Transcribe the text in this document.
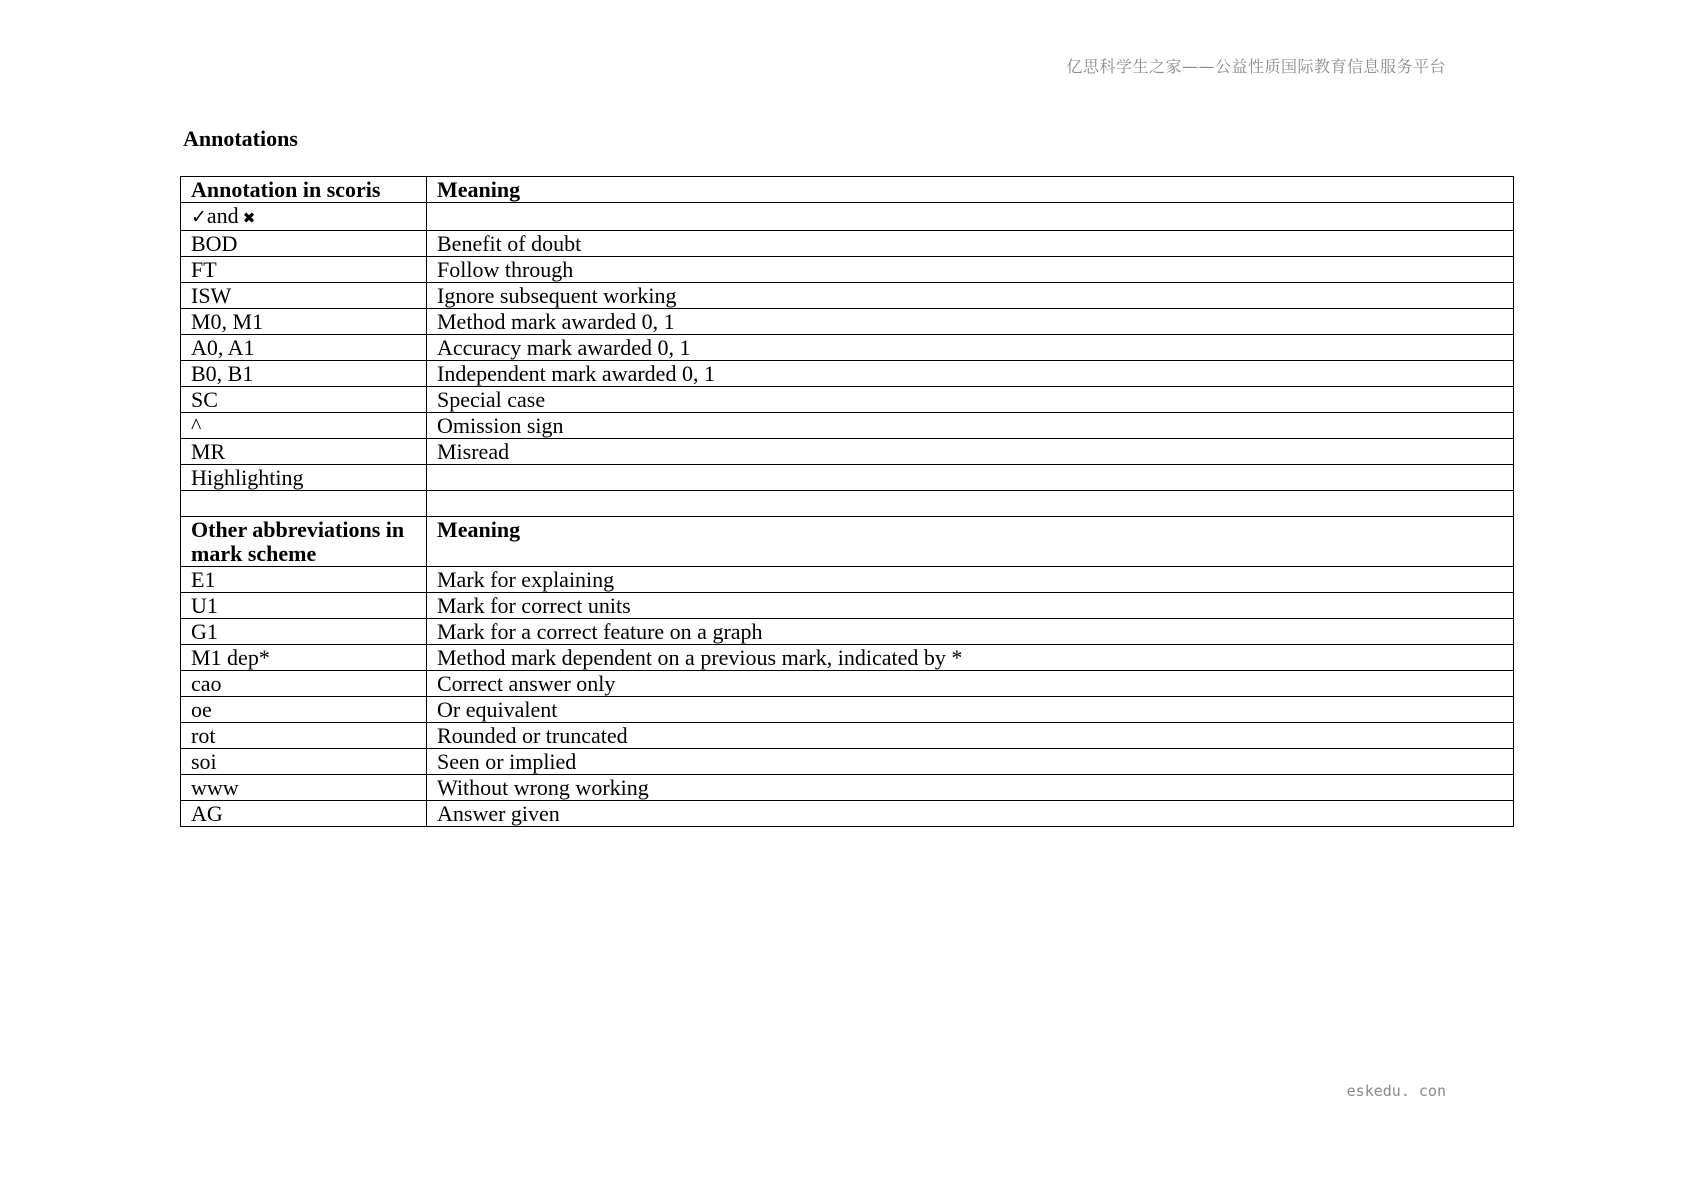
亿思科学生之家——公益性质国际教育信息服务平台
Annotations
Annotation in scoris	Meaning
✓and ✖	
BOD	Benefit of doubt
FT	Follow through
ISW	Ignore subsequent working
M0, M1	Method mark awarded 0, 1
A0, A1	Accuracy mark awarded 0, 1
B0, B1	Independent mark awarded 0, 1
SC	Special case
^	Omission sign
MR	Misread
Highlighting	

Other abbreviations in mark scheme	Meaning
E1	Mark for explaining
U1	Mark for correct units
G1	Mark for a correct feature on a graph
M1 dep*	Method mark dependent on a previous mark, indicated by *
cao	Correct answer only
oe	Or equivalent
rot	Rounded or truncated
soi	Seen or implied
www	Without wrong working
AG	Answer given
eskedu. con
